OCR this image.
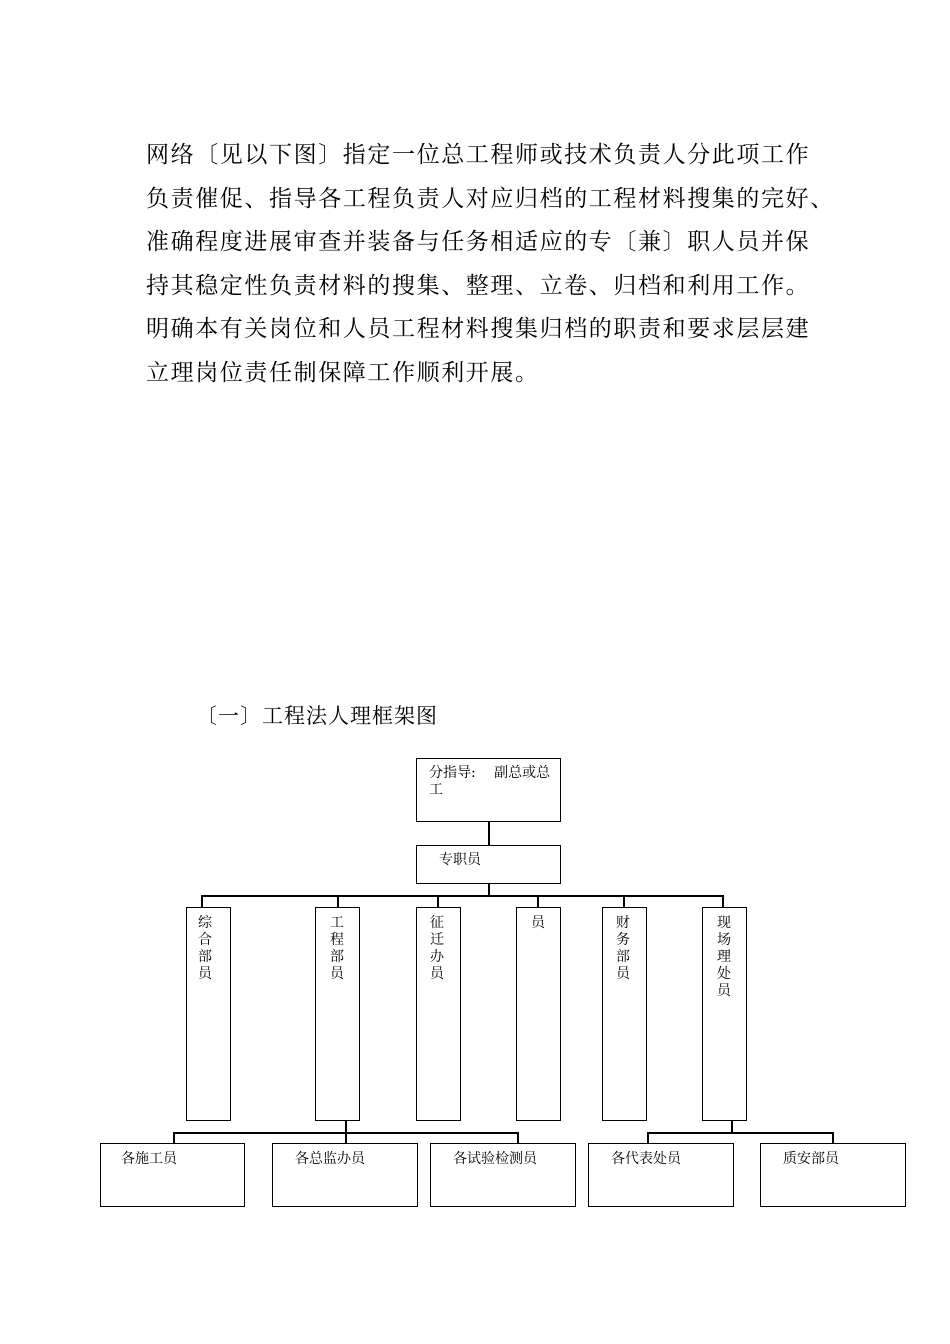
网络〔见以下图〕指定一位总工程师或技术负责人分此项工作
负责催促、指导各工程负责人对应归档的工程材料搜集的完好、
准确程度进展审查并装备与任务相适应的专〔兼〕职人员并保
持其稳定性负责材料的搜集、整理、立卷、归档和利用工作。
明确本有关岗位和人员工程材料搜集归档的职责和要求层层建
立理岗位责任制保障工作顺利开展。
〔一〕工程法人理框架图
分指导:　 副总或总工
专职员
综合部员
工程部员
征迁办员
员	财务部员
现场理处员
各施工员	各总监办员	各试验检测员	各代表处员	质安部员
